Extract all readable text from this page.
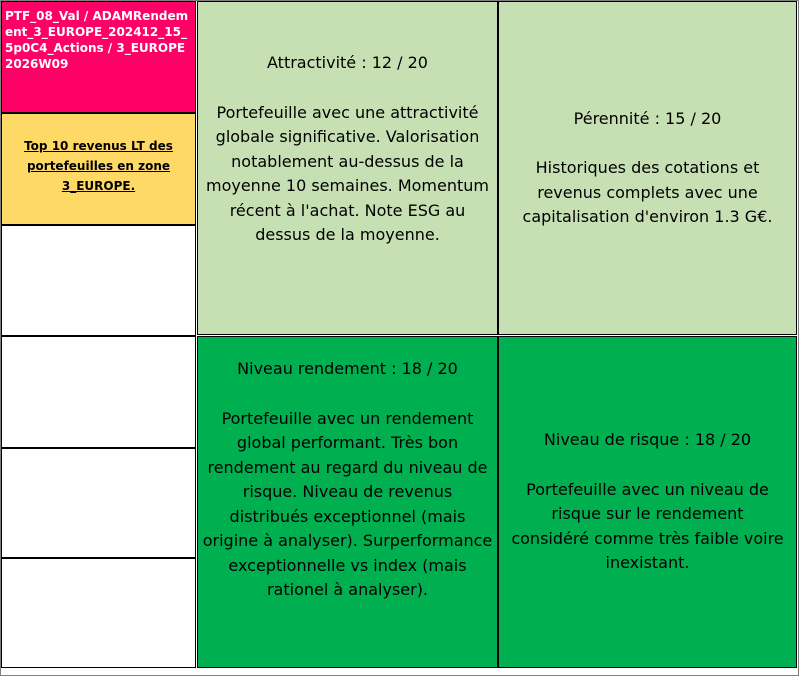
PTF_08_Val / ADAMRendement_3_EUROPE_202412_15_5p0C4_Actions / 3_EUROPE 2026W09
Top 10 revenus LT des portefeuilles en zone 3_EUROPE.

Attractivité : 12 / 20

Portefeuille avec une attractivité globale significative. Valorisation notablement au-dessus de la moyenne 10 semaines. Momentum récent à l'achat. Note ESG au dessus de la moyenne.

Pérennité : 15 / 20

Historiques des cotations et revenus complets avec une capitalisation d'environ 1.3 G€.

Niveau rendement : 18 / 20

Portefeuille avec un rendement global performant. Très bon rendement au regard du niveau de risque. Niveau de revenus distribués exceptionnel (mais origine à analyser). Surperformance exceptionnelle vs index (mais rationel à analyser).

Niveau de risque : 18 / 20

Portefeuille avec un niveau de risque sur le rendement considéré comme très faible voire inexistant.
